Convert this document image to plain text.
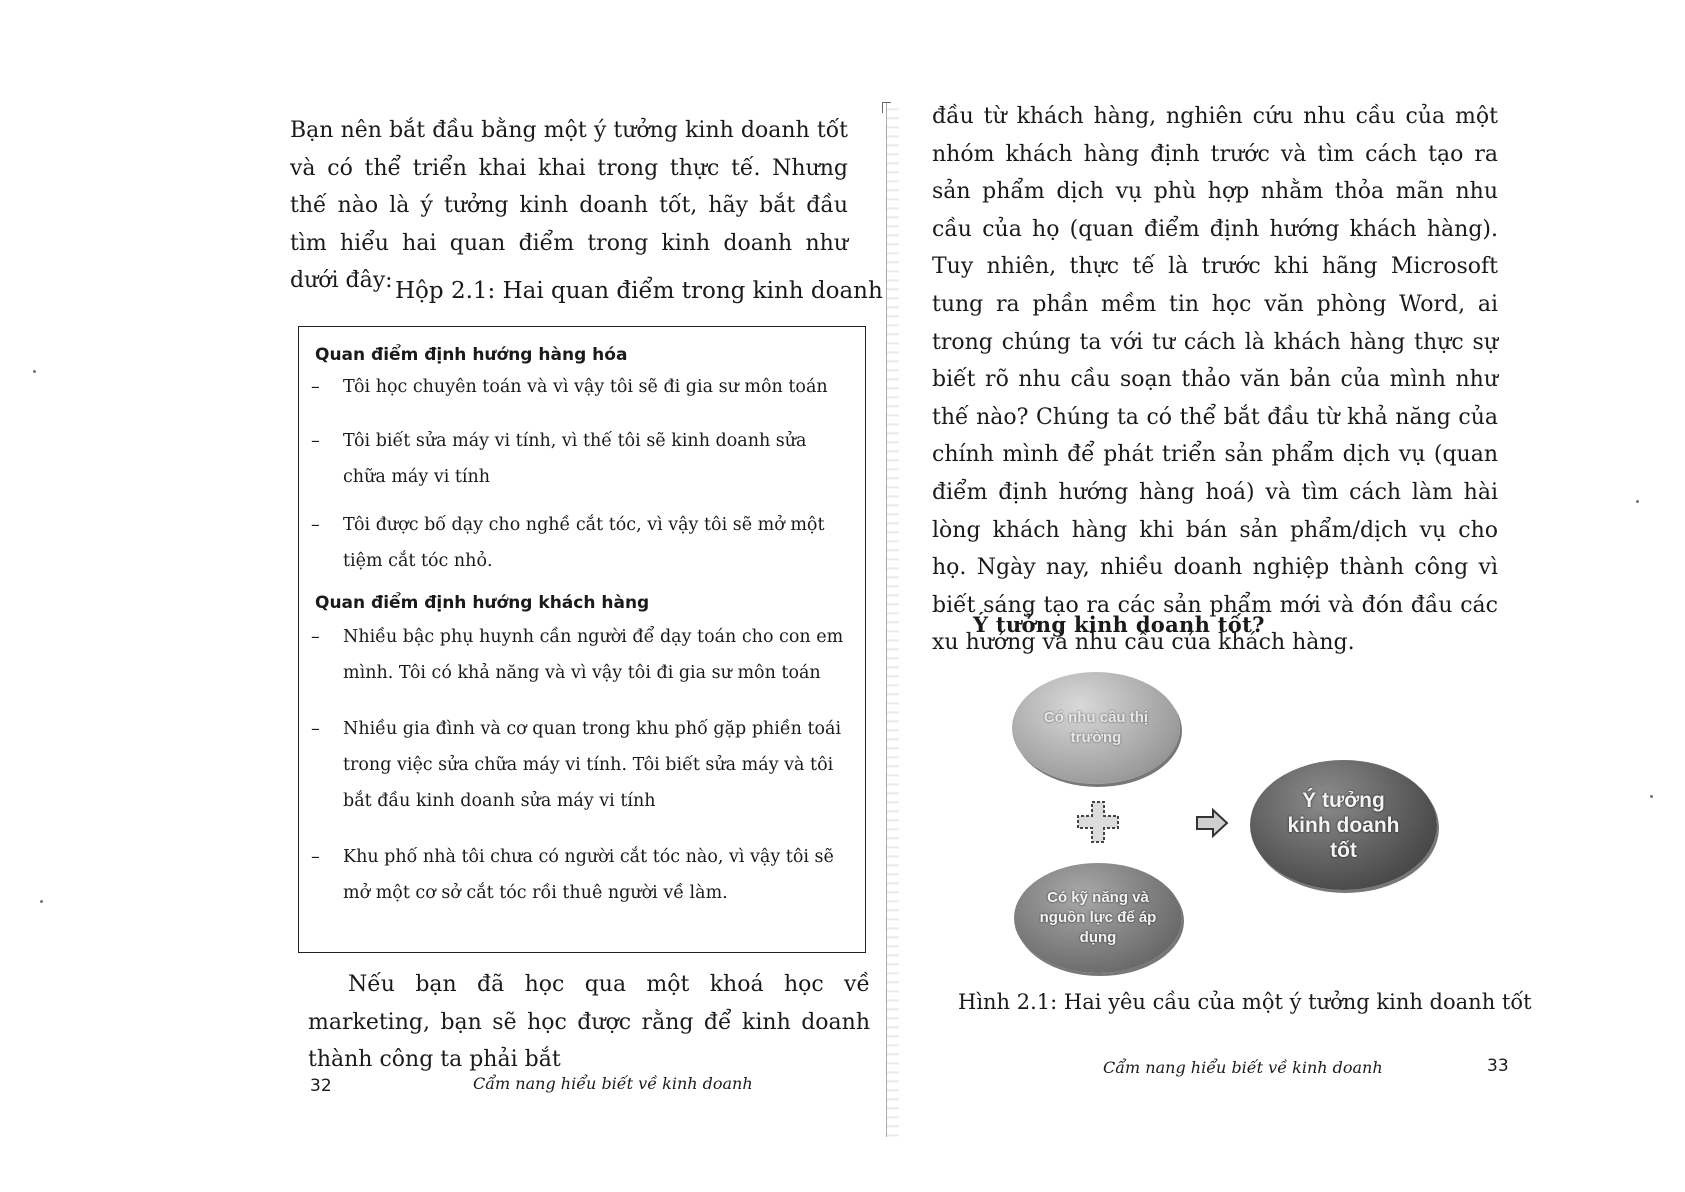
Bạn nên bắt đầu bằng một ý tưởng kinh doanh tốt và có thể triển khai khai trong thực tế. Nhưng thế nào là ý tưởng kinh doanh tốt, hãy bắt đầu tìm hiểu hai quan điểm trong kinh doanh như dưới đây: Hộp 2.1: Hai quan điểm trong kinh doanh

Quan điểm định hướng hàng hóa

–	Tôi học chuyên toán và vì vậy tôi sẽ đi gia sư môn toán
–	Tôi biết sửa máy vi tính, vì thế tôi sẽ kinh doanh sửa chữa máy vi tính
–	Tôi được bố dạy cho nghề cắt tóc, vì vậy tôi sẽ mở một tiệm cắt tóc nhỏ.

Quan điểm định hướng khách hàng

–	Nhiều bậc phụ huynh cần người để dạy toán cho con em mình. Tôi có khả năng và vì vậy tôi đi gia sư môn toán
–	Nhiều gia đình và cơ quan trong khu phố gặp phiền toái trong việc sửa chữa máy vi tính. Tôi biết sửa máy và tôi bắt đầu kinh doanh sửa máy vi tính
–	Khu phố nhà tôi chưa có người cắt tóc nào, vì vậy tôi sẽ mở một cơ sở cắt tóc rồi thuê người về làm.

Nếu bạn đã học qua một khoá học về marketing, bạn sẽ học được rằng để kinh doanh thành công ta phải bắt

32	Cẩm nang hiểu biết về kinh doanh

đầu từ khách hàng, nghiên cứu nhu cầu của một nhóm khách hàng định trước và tìm cách tạo ra sản phẩm dịch vụ phù hợp nhằm thỏa mãn nhu cầu của họ (quan điểm định hướng khách hàng). Tuy nhiên, thực tế là trước khi hãng Microsoft tung ra phần mềm tin học văn phòng Word, ai trong chúng ta với tư cách là khách hàng thực sự biết rõ nhu cầu soạn thảo văn bản của mình như thế nào? Chúng ta có thể bắt đầu từ khả năng của chính mình để phát triển sản phẩm dịch vụ (quan điểm định hướng hàng hoá) và tìm cách làm hài lòng khách hàng khi bán sản phẩm/dịch vụ cho họ. Ngày nay, nhiều doanh nghiệp thành công vì biết sáng tạo ra các sản phẩm mới và đón đầu các xu hướng và nhu cầu của khách hàng.

Ý tưởng kinh doanh tốt?
Có nhu cầu thị trường
Có kỹ năng và nguồn lực để áp dụng
Ý tưởng kinh doanh tốt
Hình 2.1: Hai yêu cầu của một ý tưởng kinh doanh tốt
Cẩm nang hiểu biết về kinh doanh	33
